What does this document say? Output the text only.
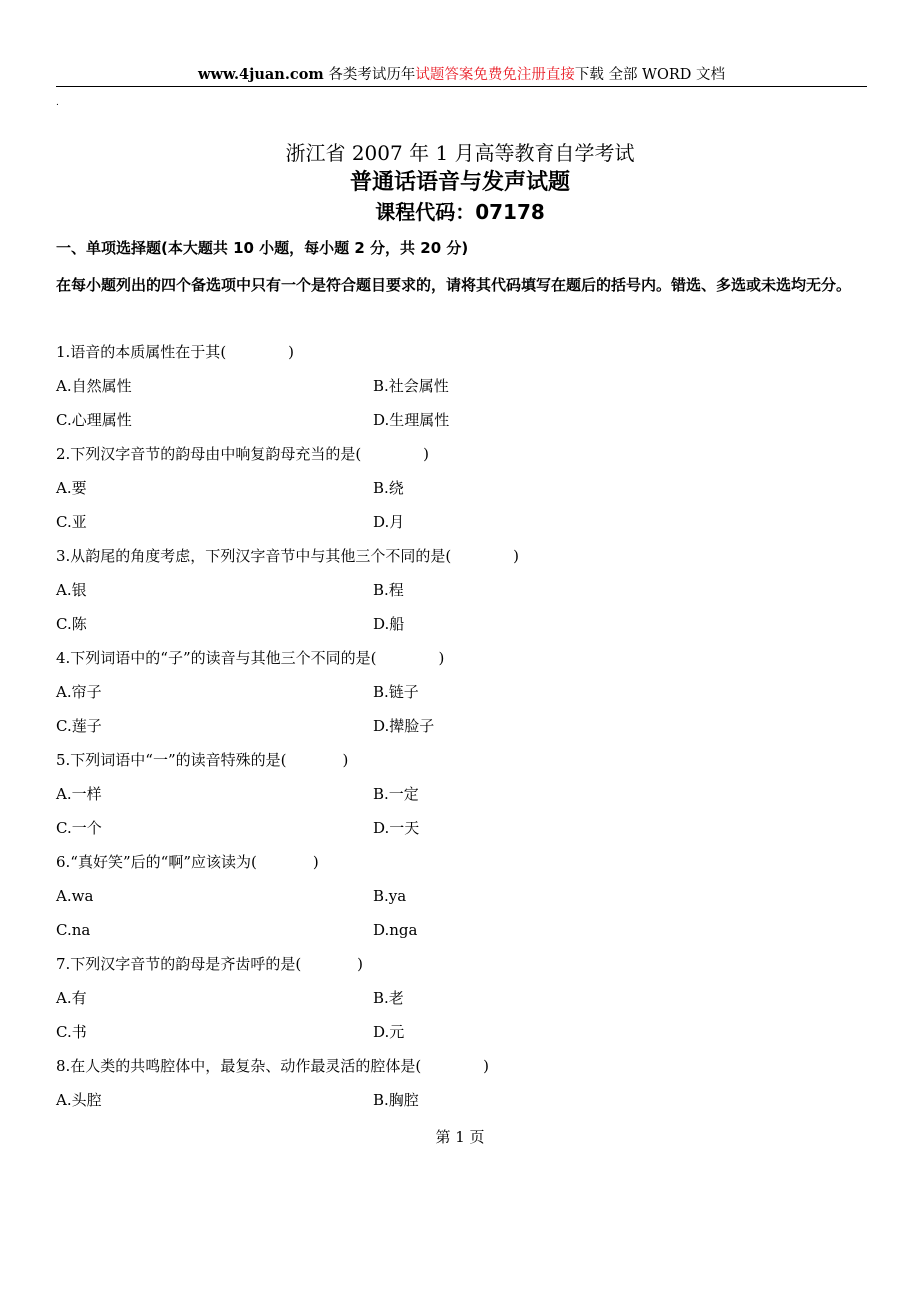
www.4juan.com 各类考试历年试题答案免费免注册直接下载 全部 WORD 文档
.
浙江省 2007 年 1 月高等教育自学考试
普通话语音与发声试题
课程代码：07178
一、单项选择题(本大题共 10 小题，每小题 2 分，共 20 分)
在每小题列出的四个备选项中只有一个是符合题目要求的，请将其代码填写在题后的括号内。错选、多选或未选均无分。
1.语音的本质属性在于其(	)
A.自然属性	B.社会属性
C.心理属性	D.生理属性
2.下列汉字音节的韵母由中响复韵母充当的是(	)
A.要	B.绕
C.亚	D.月
3.从韵尾的角度考虑，下列汉字音节中与其他三个不同的是(	)
A.银	B.程
C.陈	D.船
4.下列词语中的“子”的读音与其他三个不同的是(	)
A.帘子	B.链子
C.莲子	D.撵脸子
5.下列词语中“一”的读音特殊的是(	)
A.一样	B.一定
C.一个	D.一天
6.“真好笑”后的“啊”应该读为(	)
A.wa	B.ya
C.na	D.nga
7.下列汉字音节的韵母是齐齿呼的是(	)
A.有	B.老
C.书	D.元
8.在人类的共鸣腔体中，最复杂、动作最灵活的腔体是(	)
A.头腔	B.胸腔
第 1 页
